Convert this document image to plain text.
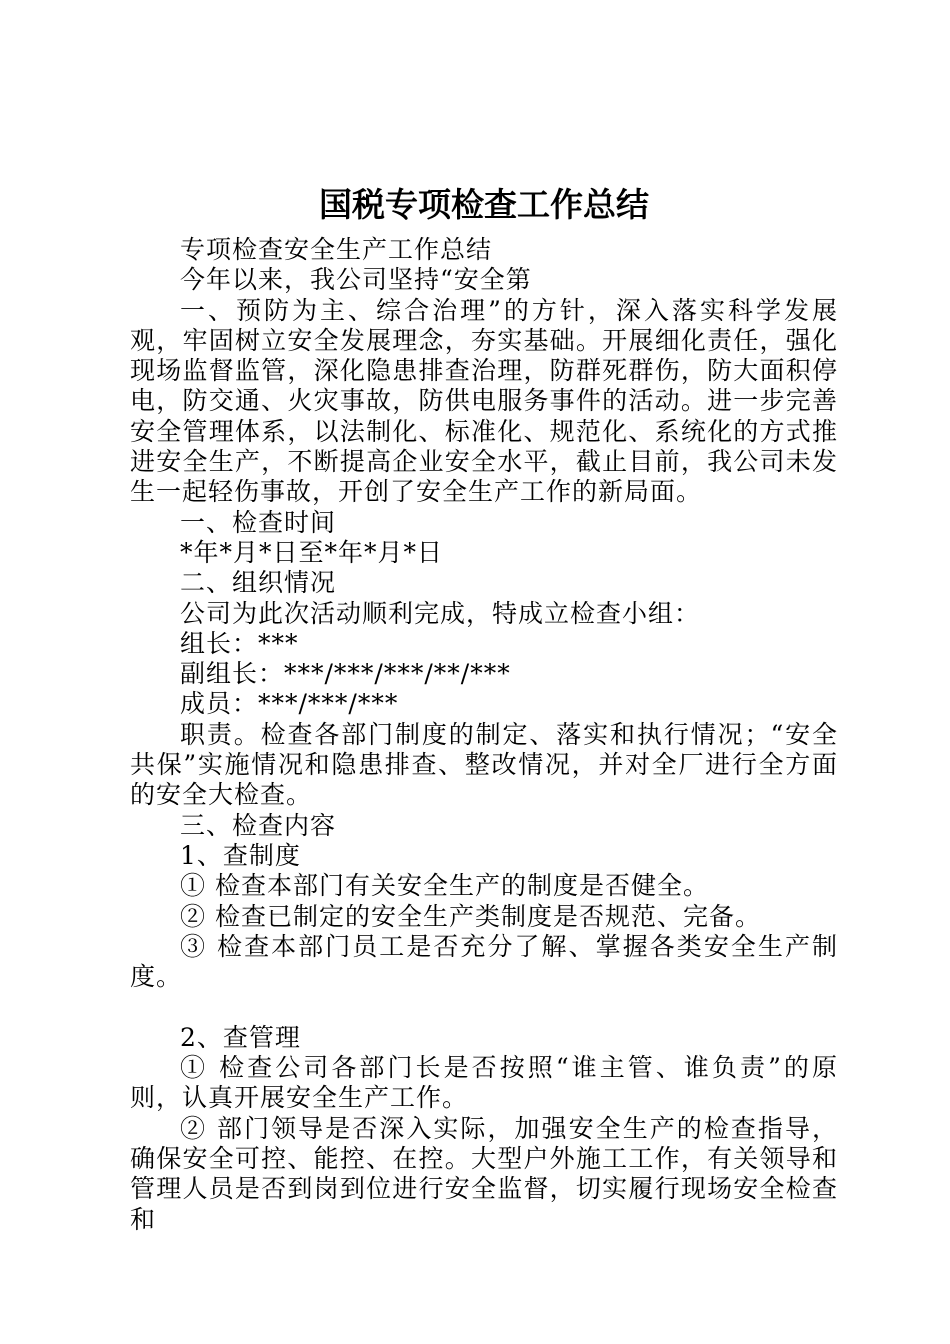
国税专项检查工作总结

专项检查安全生产工作总结

今年以来，我公司坚持“安全第

一、预防为主、综合治理”的方针，深入落实科学发展观，牢固树立安全发展理念，夯实基础。开展细化责任，强化现场监督监管，深化隐患排查治理，防群死群伤，防大面积停电，防交通、火灾事故，防供电服务事件的活动。进一步完善安全管理体系，以法制化、标准化、规范化、系统化的方式推进安全生产，不断提高企业安全水平，截止目前，我公司未发生一起轻伤事故，开创了安全生产工作的新局面。

一、检查时间

*年*月*日至*年*月*日

二、组织情况

公司为此次活动顺利完成，特成立检查小组：

组长：***

副组长：***/***/***/**/***

成员：***/***/***

职责。检查各部门制度的制定、落实和执行情况；“安全共保”实施情况和隐患排查、整改情况，并对全厂进行全方面的安全大检查。

三、检查内容

1、查制度

① 检查本部门有关安全生产的制度是否健全。

② 检查已制定的安全生产类制度是否规范、完备。

③ 检查本部门员工是否充分了解、掌握各类安全生产制度。

2、查管理

① 检查公司各部门长是否按照“谁主管、谁负责”的原则，认真开展安全生产工作。

② 部门领导是否深入实际，加强安全生产的检查指导，确保安全可控、能控、在控。大型户外施工工作，有关领导和管理人员是否到岗到位进行安全监督，切实履行现场安全检查和
